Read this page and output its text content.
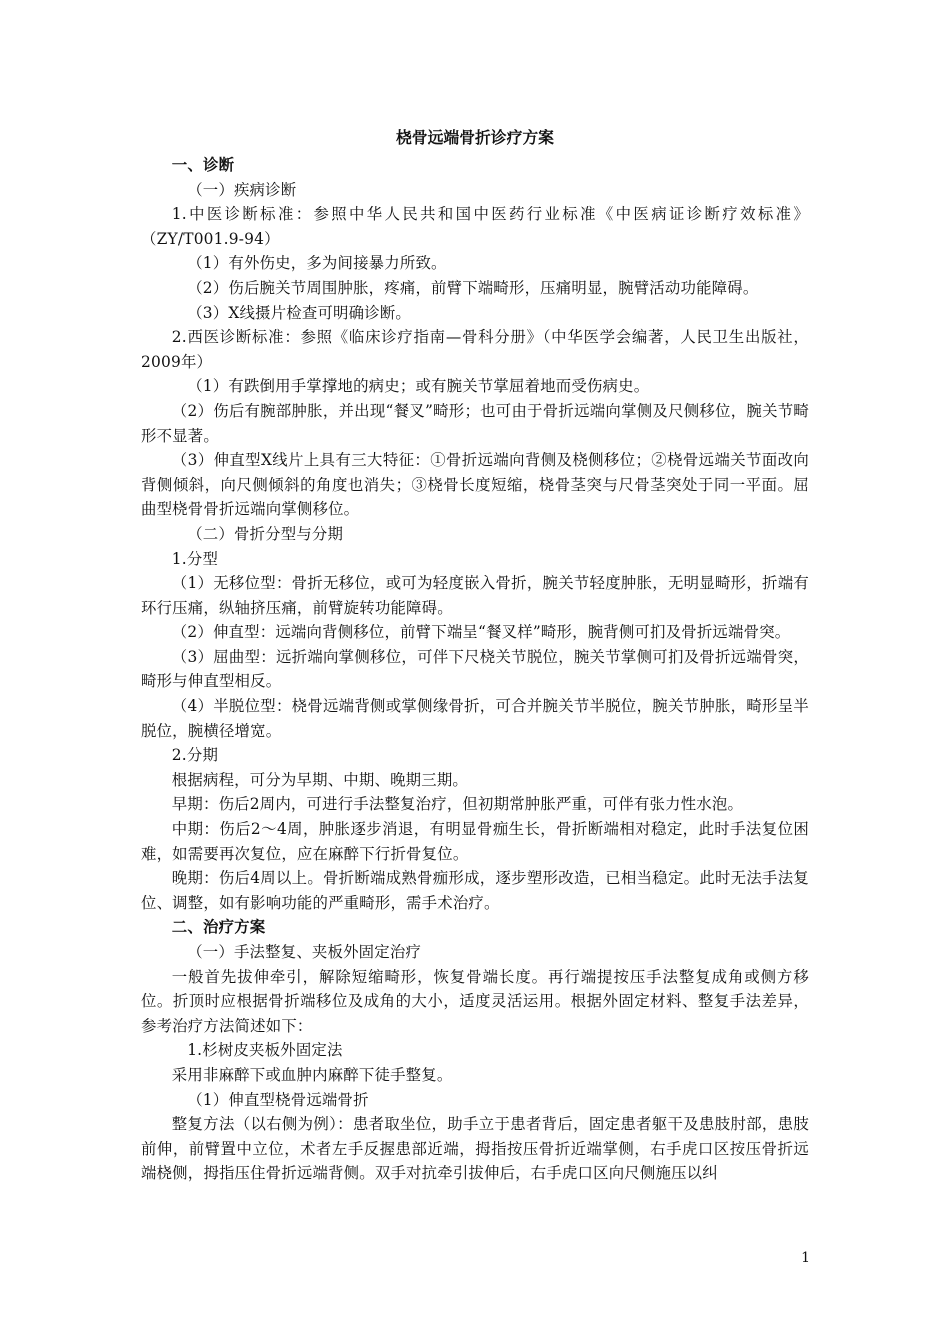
桡骨远端骨折诊疗方案

一、诊断

（一）疾病诊断

1.中医诊断标准：参照中华人民共和国中医药行业标准《中医病证诊断疗效标准》（ZY/T001.9-94）

（1）有外伤史，多为间接暴力所致。

（2）伤后腕关节周围肿胀，疼痛，前臂下端畸形，压痛明显，腕臂活动功能障碍。

（3）X线摄片检查可明确诊断。

2.西医诊断标准：参照《临床诊疗指南—骨科分册》（中华医学会编著，人民卫生出版社，2009年）

（1）有跌倒用手掌撑地的病史；或有腕关节掌屈着地而受伤病史。

（2）伤后有腕部肿胀，并出现“餐叉”畸形；也可由于骨折远端向掌侧及尺侧移位，腕关节畸形不显著。

（3）伸直型X线片上具有三大特征：①骨折远端向背侧及桡侧移位；②桡骨远端关节面改向背侧倾斜，向尺侧倾斜的角度也消失；③桡骨长度短缩，桡骨茎突与尺骨茎突处于同一平面。屈曲型桡骨骨折远端向掌侧移位。

（二）骨折分型与分期

1.分型

（1）无移位型：骨折无移位，或可为轻度嵌入骨折，腕关节轻度肿胀，无明显畸形，折端有环行压痛，纵轴挤压痛，前臂旋转功能障碍。

（2）伸直型：远端向背侧移位，前臂下端呈“餐叉样”畸形，腕背侧可扪及骨折远端骨突。

（3）屈曲型：远折端向掌侧移位，可伴下尺桡关节脱位，腕关节掌侧可扪及骨折远端骨突，畸形与伸直型相反。

（4）半脱位型：桡骨远端背侧或掌侧缘骨折，可合并腕关节半脱位，腕关节肿胀，畸形呈半脱位，腕横径增宽。

2.分期

根据病程，可分为早期、中期、晚期三期。

早期：伤后2周内，可进行手法整复治疗，但初期常肿胀严重，可伴有张力性水泡。

中期：伤后2～4周，肿胀逐步消退，有明显骨痂生长，骨折断端相对稳定，此时手法复位困难，如需要再次复位，应在麻醉下行折骨复位。

晚期：伤后4周以上。骨折断端成熟骨痂形成，逐步塑形改造，已相当稳定。此时无法手法复位、调整，如有影响功能的严重畸形，需手术治疗。

二、治疗方案

（一）手法整复、夹板外固定治疗

一般首先拔伸牵引，解除短缩畸形，恢复骨端长度。再行端提按压手法整复成角或侧方移位。折顶时应根据骨折端移位及成角的大小，适度灵活运用。根据外固定材料、整复手法差异，参考治疗方法简述如下：

1.杉树皮夹板外固定法

采用非麻醉下或血肿内麻醉下徒手整复。

（1）伸直型桡骨远端骨折

整复方法（以右侧为例）：患者取坐位，助手立于患者背后，固定患者躯干及患肢肘部，患肢前伸，前臂置中立位，术者左手反握患部近端，拇指按压骨折近端掌侧，右手虎口区按压骨折远端桡侧，拇指压住骨折远端背侧。双手对抗牵引拔伸后，右手虎口区向尺侧施压以纠

1
